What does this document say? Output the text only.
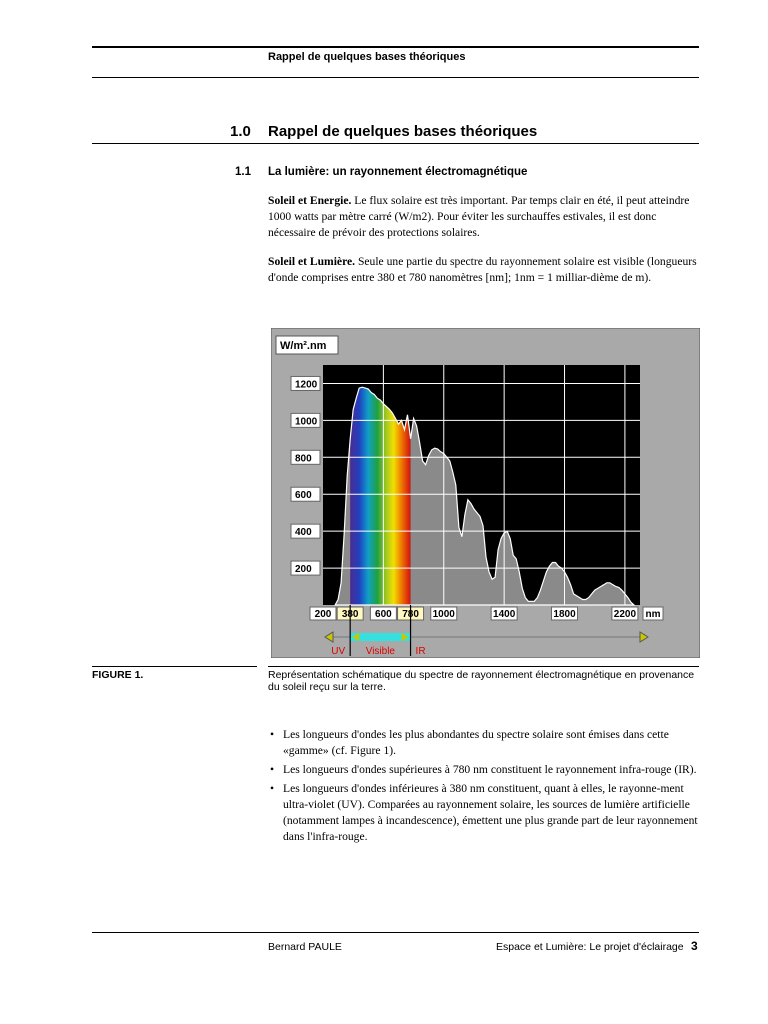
Rappel de quelques bases théoriques
1.0 Rappel de quelques bases théoriques
1.1 La lumière: un rayonnement électromagnétique
Soleil et Energie. Le flux solaire est très important. Par temps clair en été, il peut atteindre 1000 watts par mètre carré (W/m2). Pour éviter les surchauffes estivales, il est donc nécessaire de prévoir des protections solaires.
Soleil et Lumière. Seule une partie du spectre du rayonnement solaire est visible (longueurs d'onde comprises entre 380 et 780 nanomètres [nm]; 1nm = 1 milliar-dième de m).
W/m².nm
200
400
600
800
1000
1200
200 380 600 780 1000	1400	1800	2200 nm
UV Visible IR
FIGURE 1.	Représentation schématique du spectre de rayonnement électromagnétique en provenance du soleil reçu sur la terre.
• Les longueurs d'ondes les plus abondantes du spectre solaire sont émises dans cette «gamme» (cf. Figure 1).
• Les longueurs d'ondes supérieures à 780 nm constituent le rayonnement infra-rouge (IR).
• Les longueurs d'ondes inférieures à 380 nm constituent, quant à elles, le rayonne-ment ultra-violet (UV). Comparées au rayonnement solaire, les sources de lumière artificielle (notamment lampes à incandescence), émettent une plus grande part de leur rayonnement dans l'infra-rouge.
Bernard PAULE	Espace et Lumière: Le projet d'éclairage 3
